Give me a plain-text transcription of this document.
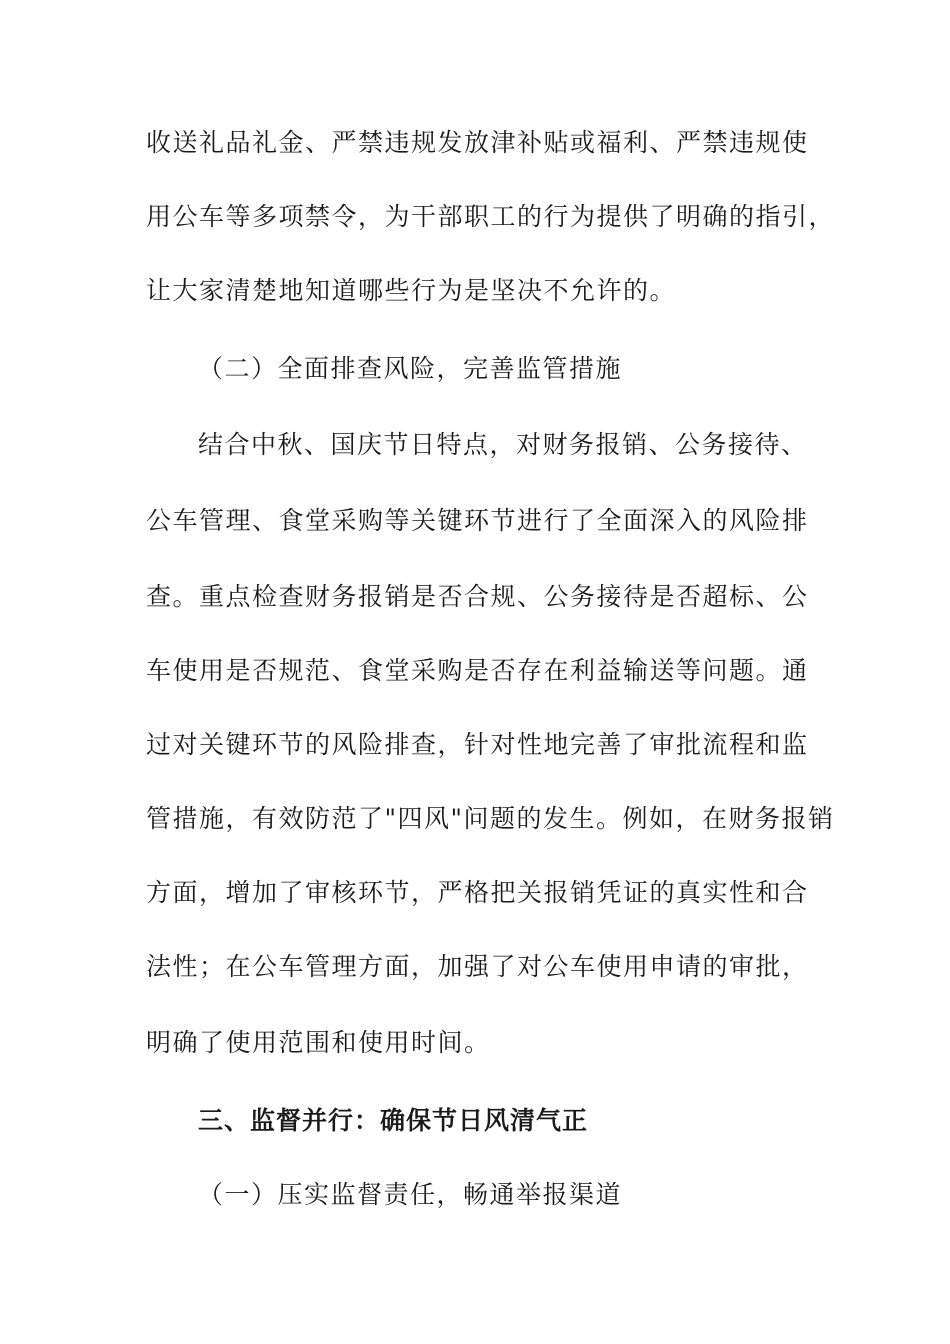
收送礼品礼金、严禁违规发放津补贴或福利、严禁违规使
用公车等多项禁令，为干部职工的行为提供了明确的指引，
让大家清楚地知道哪些行为是坚决不允许的。
（二）全面排查风险，完善监管措施
结合中秋、国庆节日特点，对财务报销、公务接待、
公车管理、食堂采购等关键环节进行了全面深入的风险排
查。重点检查财务报销是否合规、公务接待是否超标、公
车使用是否规范、食堂采购是否存在利益输送等问题。通
过对关键环节的风险排查，针对性地完善了审批流程和监
管措施，有效防范了"四风"问题的发生。例如，在财务报销
方面，增加了审核环节，严格把关报销凭证的真实性和合
法性；在公车管理方面，加强了对公车使用申请的审批，
明确了使用范围和使用时间。
三、监督并行：确保节日风清气正
（一）压实监督责任，畅通举报渠道
